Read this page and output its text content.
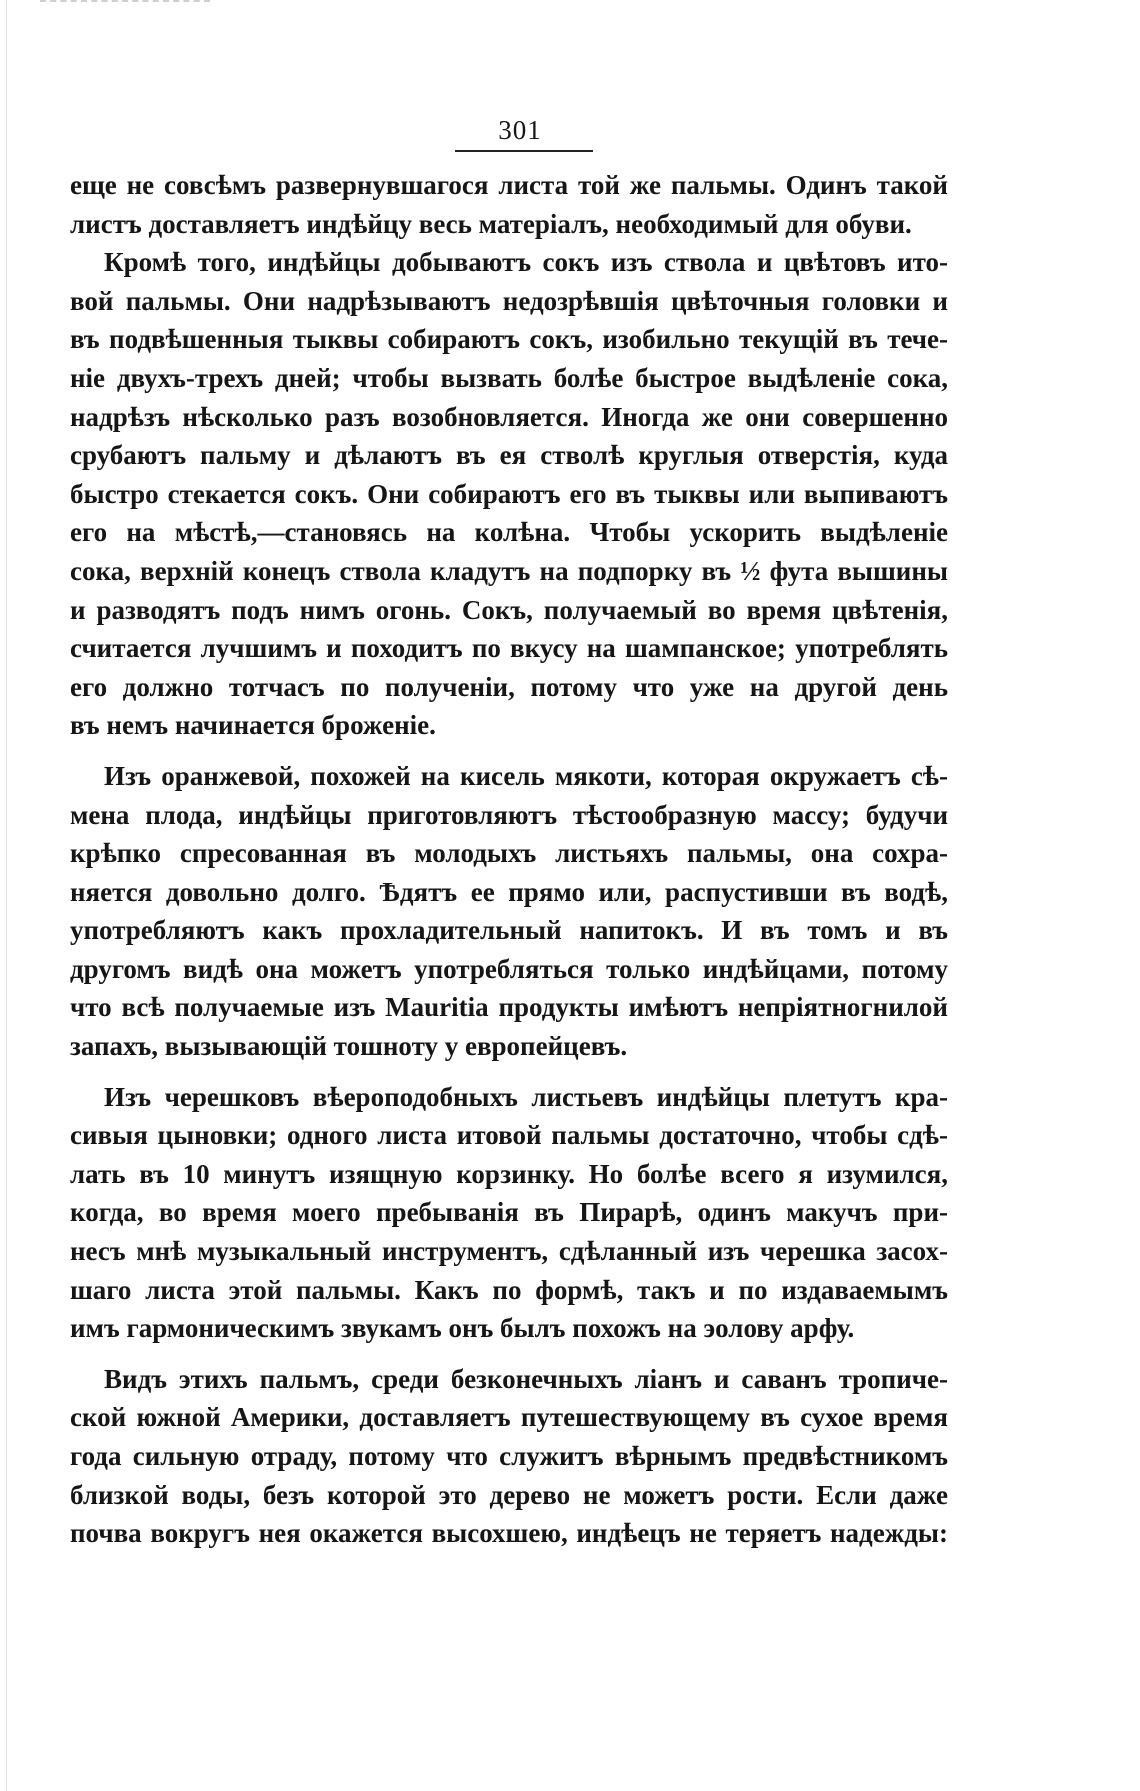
301
еще не совсѣмъ развернувшагося листа той же пальмы. Одинъ такой
листъ доставляетъ индѣйцу весь матеріалъ, необходимый для обуви.
Кромѣ того, индѣйцы добываютъ сокъ изъ ствола и цвѣтовъ ито-
вой пальмы. Они надрѣзываютъ недозрѣвшія цвѣточныя головки и
въ подвѣшенныя тыквы собираютъ сокъ, изобильно текущій въ тече-
ніе двухъ-трехъ дней; чтобы вызвать болѣе быстрое выдѣленіе сока,
надрѣзъ нѣсколько разъ возобновляется. Иногда же они совершенно
срубаютъ пальму и дѣлаютъ въ ея стволѣ круглыя отверстія, куда
быстро стекается сокъ. Они собираютъ его въ тыквы или выпиваютъ
его на мѣстѣ,—становясь на колѣна. Чтобы ускорить выдѣленіе
сока, верхній конецъ ствола кладутъ на подпорку въ ½ фута вышины
и разводятъ подъ нимъ огонь. Сокъ, получаемый во время цвѣтенія,
считается лучшимъ и походитъ по вкусу на шампанское; употреблять
его должно тотчасъ по полученіи, потому что уже на другой день
въ немъ начинается броженіе.
Изъ оранжевой, похожей на кисель мякоти, которая окружаетъ сѣ-
мена плода, индѣйцы приготовляютъ тѣстообразную массу; будучи
крѣпко спресованная въ молодыхъ листьяхъ пальмы, она сохра-
няется довольно долго. Ѣдятъ ее прямо или, распустивши въ водѣ,
употребляютъ какъ прохладительный напитокъ. И въ томъ и въ
другомъ видѣ она можетъ употребляться только индѣйцами, потому
что всѣ получаемые изъ Mauritia продукты имѣютъ непріятногнилой
запахъ, вызывающій тошноту у европейцевъ.
Изъ черешковъ вѣероподобныхъ листьевъ индѣйцы плетутъ кра-
сивыя цыновки; одного листа итовой пальмы достаточно, чтобы сдѣ-
лать въ 10 минутъ изящную корзинку. Но болѣе всего я изумился,
когда, во время моего пребыванія въ Пирарѣ, одинъ макучъ при-
несъ мнѣ музыкальный инструментъ, сдѣланный изъ черешка засох-
шаго листа этой пальмы. Какъ по формѣ, такъ и по издаваемымъ
имъ гармоническимъ звукамъ онъ былъ похожъ на эолову арфу.
Видъ этихъ пальмъ, среди безконечныхъ ліанъ и саванъ тропиче-
ской южной Америки, доставляетъ путешествующему въ сухое время
года сильную отраду, потому что служитъ вѣрнымъ предвѣстникомъ
близкой воды, безъ которой это дерево не можетъ рости. Если даже
почва вокругъ нея окажется высохшею, индѣецъ не теряетъ надежды:
